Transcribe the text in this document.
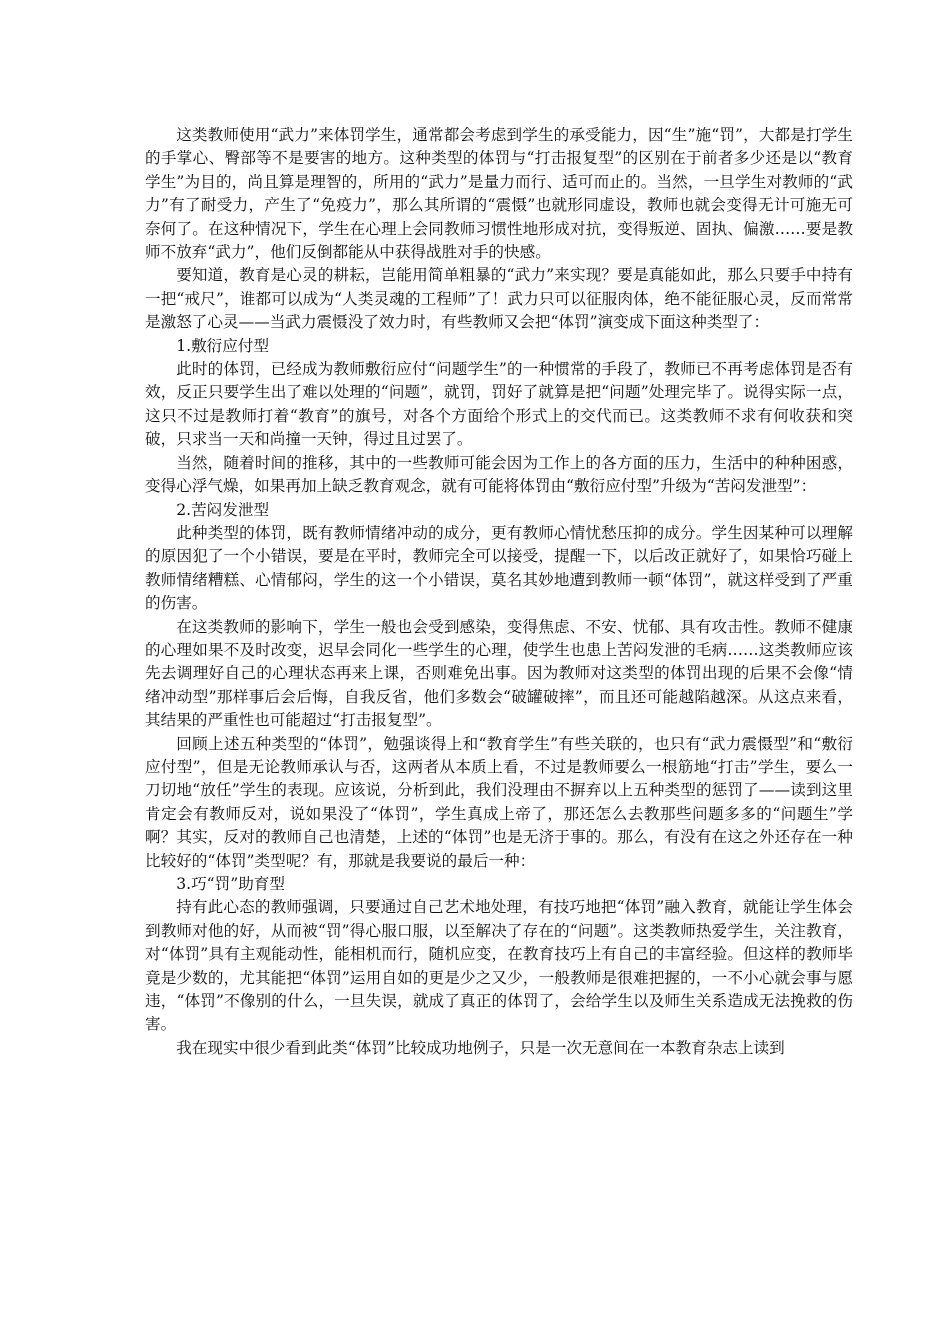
这类教师使用“武力”来体罚学生，通常都会考虑到学生的承受能力，因“生”施“罚”，大都是打学生的手掌心、臀部等不是要害的地方。这种类型的体罚与“打击报复型”的区别在于前者多少还是以“教育学生”为目的，尚且算是理智的，所用的“武力”是量力而行、适可而止的。当然，一旦学生对教师的“武力”有了耐受力，产生了“免疫力”，那么其所谓的“震慑”也就形同虚设，教师也就会变得无计可施无可奈何了。在这种情况下，学生在心理上会同教师习惯性地形成对抗，变得叛逆、固执、偏激……要是教师不放弃“武力”，他们反倒都能从中获得战胜对手的快感。

要知道，教育是心灵的耕耘，岂能用简单粗暴的“武力”来实现？要是真能如此，那么只要手中持有一把“戒尺”，谁都可以成为“人类灵魂的工程师”了！武力只可以征服肉体，绝不能征服心灵，反而常常是激怒了心灵——当武力震慑没了效力时，有些教师又会把“体罚”演变成下面这种类型了：

1.敷衍应付型

此时的体罚，已经成为教师敷衍应付“问题学生”的一种惯常的手段了，教师已不再考虑体罚是否有效，反正只要学生出了难以处理的“问题”，就罚，罚好了就算是把“问题”处理完毕了。说得实际一点，这只不过是教师打着“教育”的旗号，对各个方面给个形式上的交代而已。这类教师不求有何收获和突破，只求当一天和尚撞一天钟，得过且过罢了。

当然，随着时间的推移，其中的一些教师可能会因为工作上的各方面的压力，生活中的种种困惑，变得心浮气燥，如果再加上缺乏教育观念，就有可能将体罚由“敷衍应付型”升级为“苦闷发泄型”：

2.苦闷发泄型

此种类型的体罚，既有教师情绪冲动的成分，更有教师心情忧愁压抑的成分。学生因某种可以理解的原因犯了一个小错误，要是在平时，教师完全可以接受，提醒一下，以后改正就好了，如果恰巧碰上教师情绪糟糕、心情郁闷，学生的这一个小错误，莫名其妙地遭到教师一顿“体罚”，就这样受到了严重的伤害。

在这类教师的影响下，学生一般也会受到感染，变得焦虑、不安、忧郁、具有攻击性。教师不健康的心理如果不及时改变，迟早会同化一些学生的心理，使学生也患上苦闷发泄的毛病……这类教师应该先去调理好自己的心理状态再来上课，否则难免出事。因为教师对这类型的体罚出现的后果不会像“情绪冲动型”那样事后会后悔，自我反省，他们多数会“破罐破摔”，而且还可能越陷越深。从这点来看，其结果的严重性也可能超过“打击报复型”。

回顾上述五种类型的“体罚”，勉强谈得上和“教育学生”有些关联的，也只有“武力震慑型”和“敷衍应付型”，但是无论教师承认与否，这两者从本质上看，不过是教师要么一根筋地“打击”学生，要么一刀切地“放任”学生的表现。应该说，分析到此，我们没理由不摒弃以上五种类型的惩罚了——读到这里肯定会有教师反对，说如果没了“体罚”，学生真成上帝了，那还怎么去教那些问题多多的“问题生”学啊？其实，反对的教师自己也清楚，上述的“体罚”也是无济于事的。那么，有没有在这之外还存在一种比较好的“体罚”类型呢？有，那就是我要说的最后一种：

3.巧“罚”助育型

持有此心态的教师强调，只要通过自己艺术地处理，有技巧地把“体罚”融入教育，就能让学生体会到教师对他的好，从而被“罚”得心服口服，以至解决了存在的“问题”。这类教师热爱学生，关注教育，对“体罚”具有主观能动性，能相机而行，随机应变，在教育技巧上有自己的丰富经验。但这样的教师毕竟是少数的，尤其能把“体罚”运用自如的更是少之又少，一般教师是很难把握的，一不小心就会事与愿违，“体罚”不像别的什么，一旦失误，就成了真正的体罚了，会给学生以及师生关系造成无法挽救的伤害。

我在现实中很少看到此类“体罚”比较成功地例子，只是一次无意间在一本教育杂志上读到
